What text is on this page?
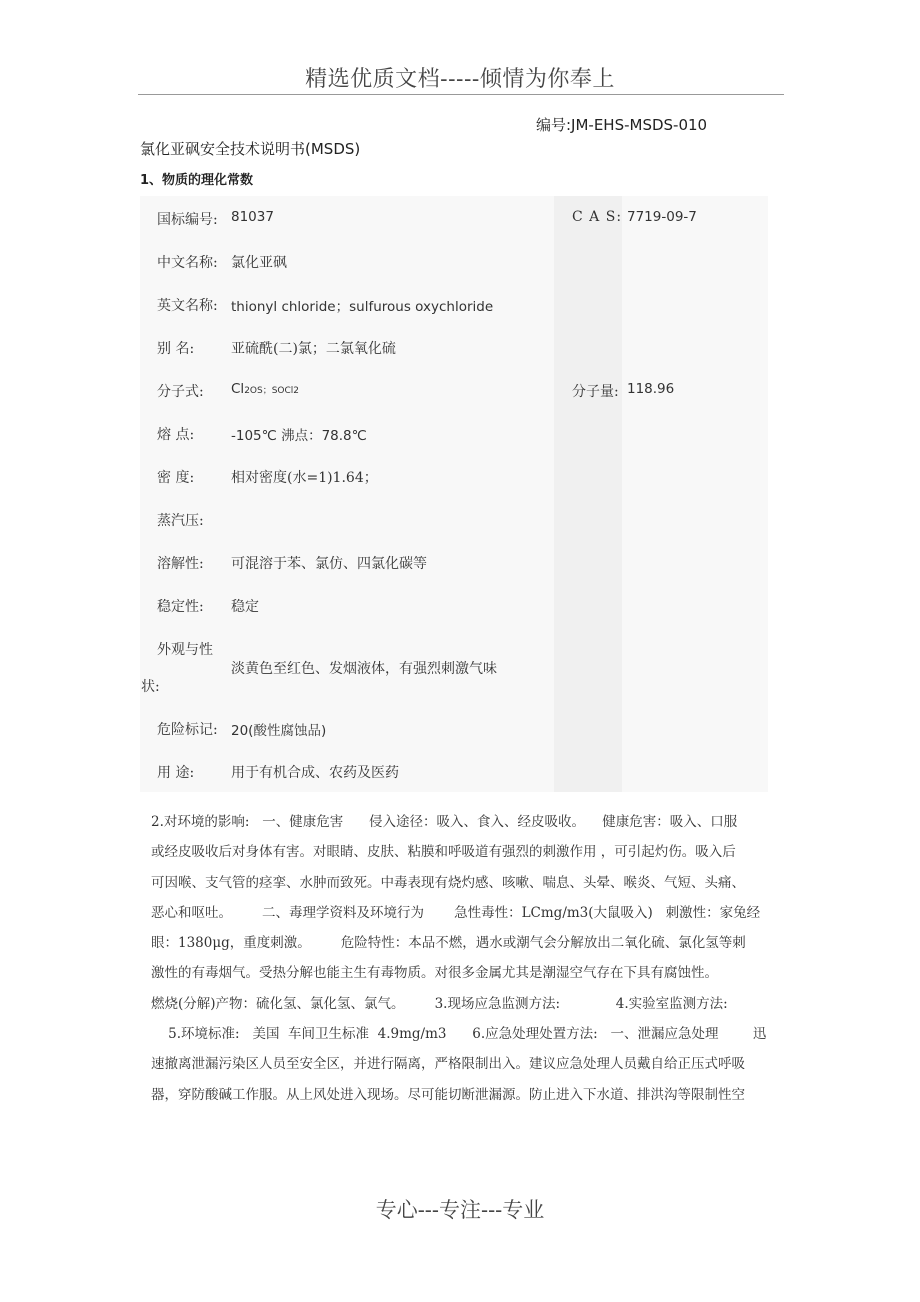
精选优质文档-----倾情为你奉上
编号:JM-EHS-MSDS-010
氯化亚砜安全技术说明书(MSDS)
1、物质的理化常数
国标编号: 81037	C A S: 7719-09-7
中文名称: 氯化亚砜
英文名称: thionyl chloride；sulfurous oxychloride
别 名:	亚硫酰(二)氯；二氯氧化硫
分子式: Cl2OS；SOCl2	分子量: 118.96
熔 点:	-105℃ 沸点：78.8℃
密 度:	相对密度(水=1)1.64；
蒸汽压:
溶解性: 可混溶于苯、氯仿、四氯化碳等
稳定性: 稳定
外观与性
状:
淡黄色至红色、发烟液体，有强烈刺激气味
危险标记: 20(酸性腐蚀品)
用 途:	用于有机合成、农药及医药
2.对环境的影响:   一、健康危害      侵入途径：吸入、食入、经皮吸收。    健康危害：吸入、口服
或经皮吸收后对身体有害。对眼睛、皮肤、粘膜和呼吸道有强烈的刺激作用 ，可引起灼伤。吸入后
可因喉、支气管的痉挛、水肿而致死。中毒表现有烧灼感、咳嗽、喘息、头晕、喉炎、气短、头痛、
恶心和呕吐。       二、毒理学资料及环境行为       急性毒性：LCmg/m3(大鼠吸入)   刺激性：家兔经
眼：1380μg，重度刺激。       危险特性：本品不燃，遇水或潮气会分解放出二氧化硫、氯化氢等刺
激性的有毒烟气。受热分解也能主生有毒物质。对很多金属尤其是潮湿空气存在下具有腐蚀性。
燃烧(分解)产物：硫化氢、氯化氢、氯气。       3.现场应急监测方法:             4.实验室监测方法:
5.环境标准:   美国  车间卫生标准  4.9mg/m3      6.应急处理处置方法:   一、泄漏应急处理        迅
速撤离泄漏污染区人员至安全区，并进行隔离，严格限制出入。建议应急处理人员戴自给正压式呼吸
器，穿防酸碱工作服。从上风处进入现场。尽可能切断泄漏源。防止进入下水道、排洪沟等限制性空
专心---专注---专业
